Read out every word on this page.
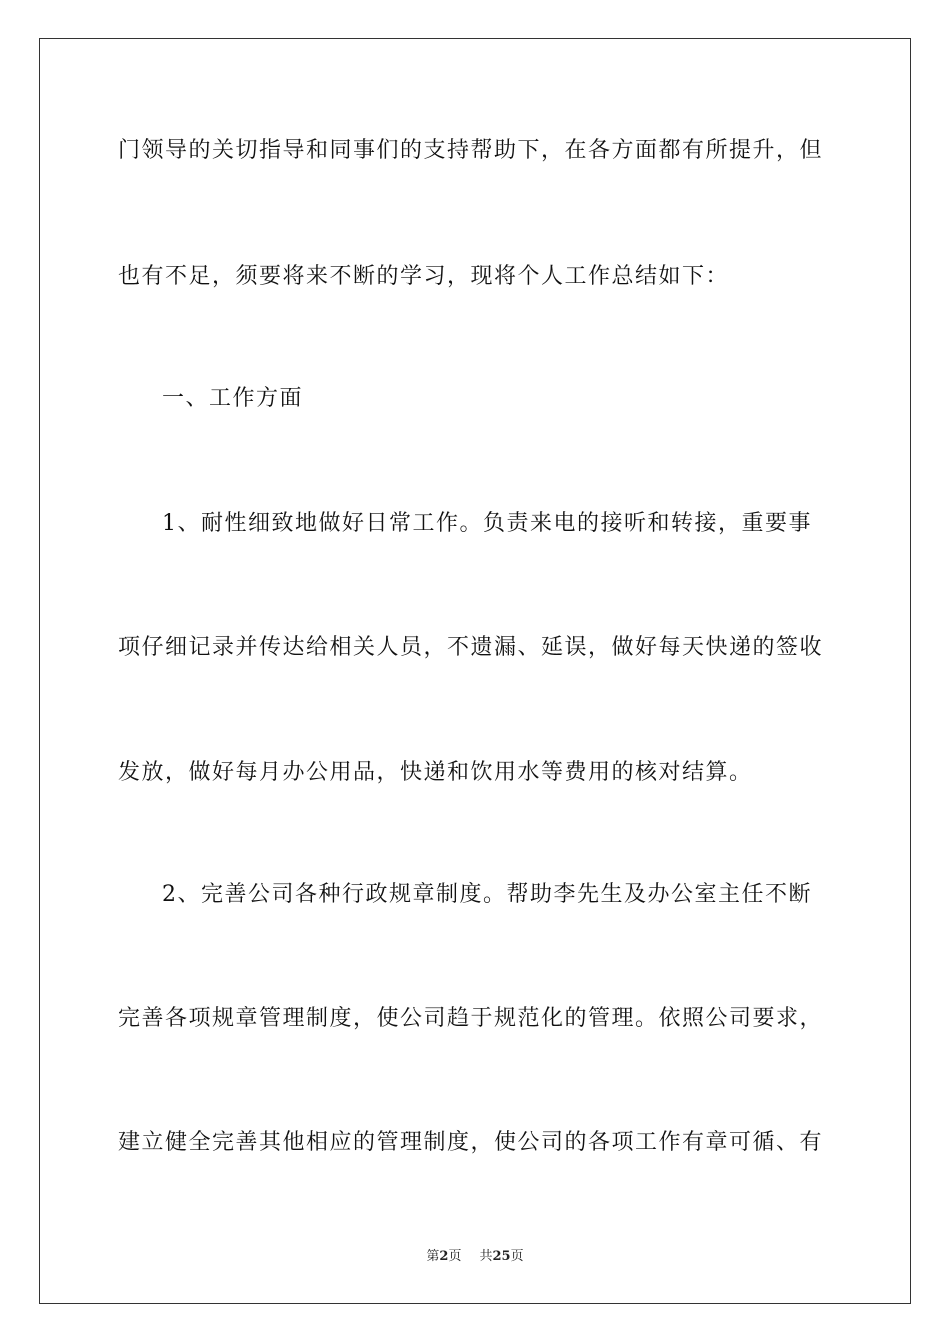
门领导的关切指导和同事们的支持帮助下，在各方面都有所提升，但
也有不足，须要将来不断的学习，现将个人工作总结如下：
一、工作方面
1、耐性细致地做好日常工作。负责来电的接听和转接，重要事
项仔细记录并传达给相关人员，不遗漏、延误，做好每天快递的签收
发放，做好每月办公用品，快递和饮用水等费用的核对结算。
2、完善公司各种行政规章制度。帮助李先生及办公室主任不断
完善各项规章管理制度，使公司趋于规范化的管理。依照公司要求，
建立健全完善其他相应的管理制度，使公司的各项工作有章可循、有
第2页 共25页
